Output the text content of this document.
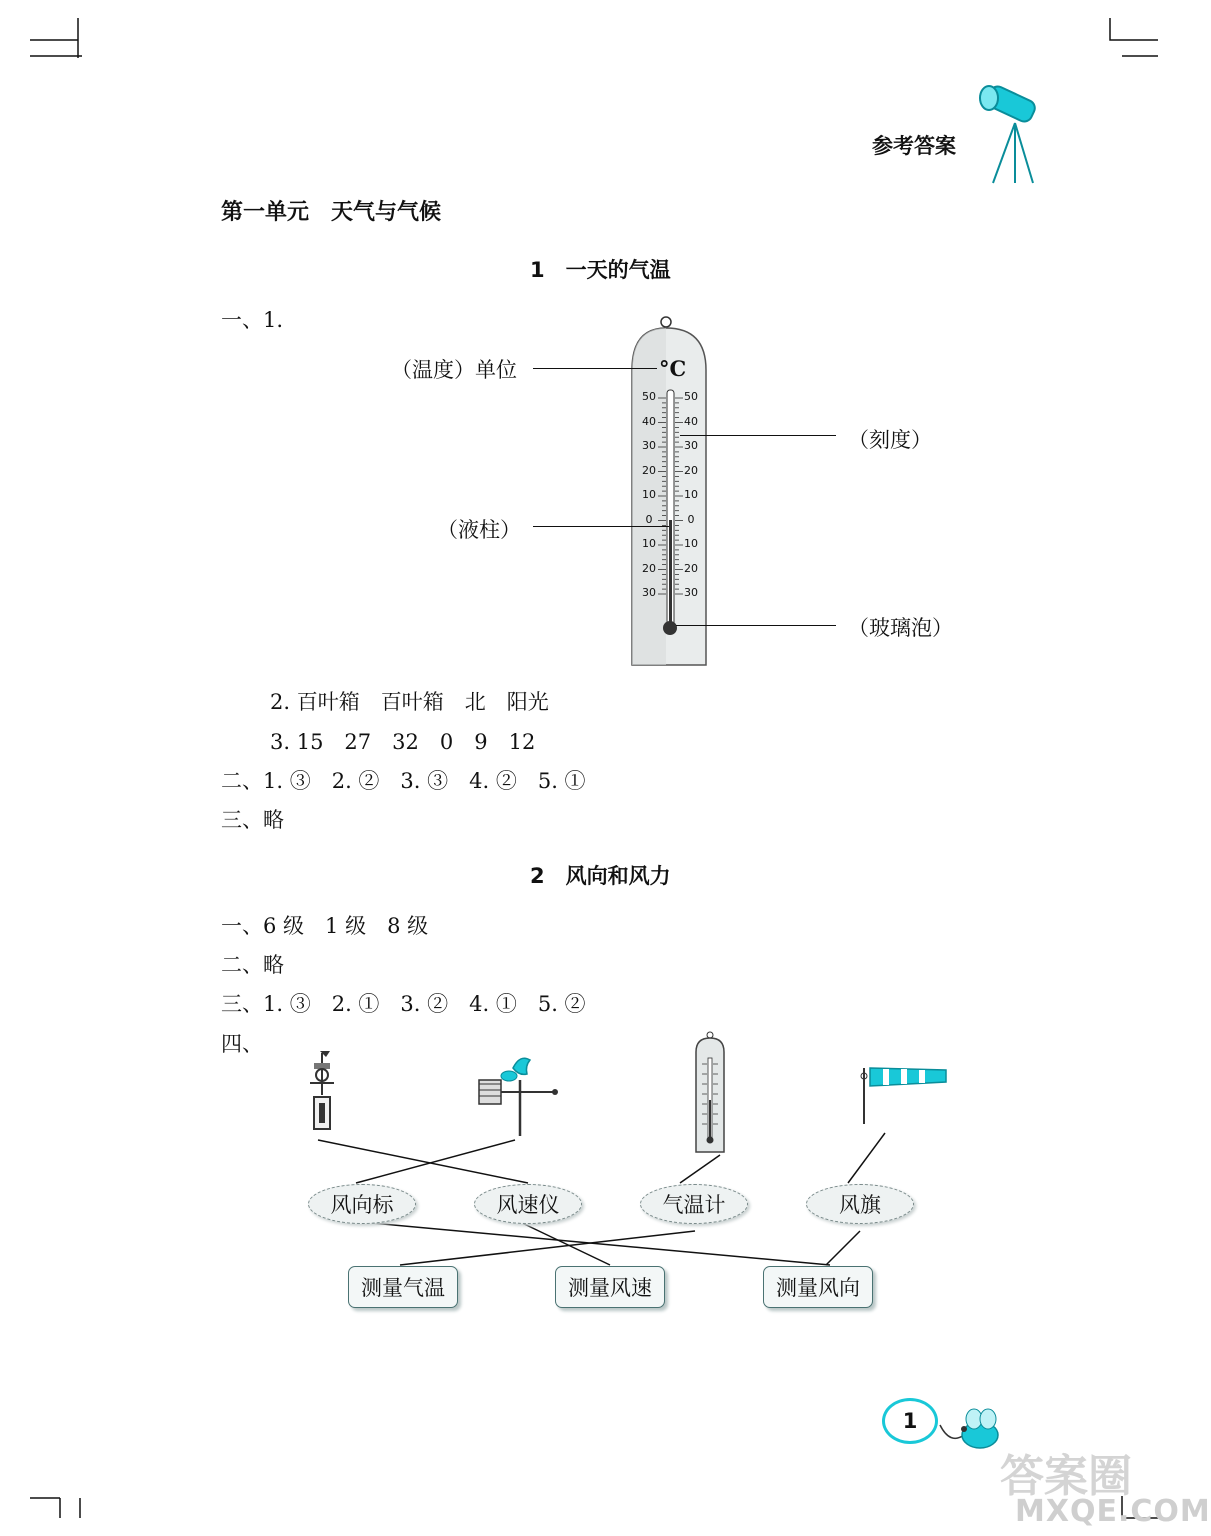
参考答案
第一单元　天气与气候
1　一天的气温
一、1.
（温度）单位	°C
（刻度）
（液柱）
（玻璃泡）
50
40
30
20
10
0
10
20
30
50
40
30
20
10
0
10
20
30
2. 百叶箱　百叶箱　北　阳光
3. 15　27　32　0　9　12
二、1. ③　2. ②　3. ③　4. ②　5. ①
三、略
2　风向和风力
一、6 级　1 级　8 级
二、略
三、1. ③　2. ①　3. ②　4. ①　5. ②
四、
风向标	风速仪	气温计	风旗
测量气温	测量风速	测量风向
1
答案圈
MXQE.COM
